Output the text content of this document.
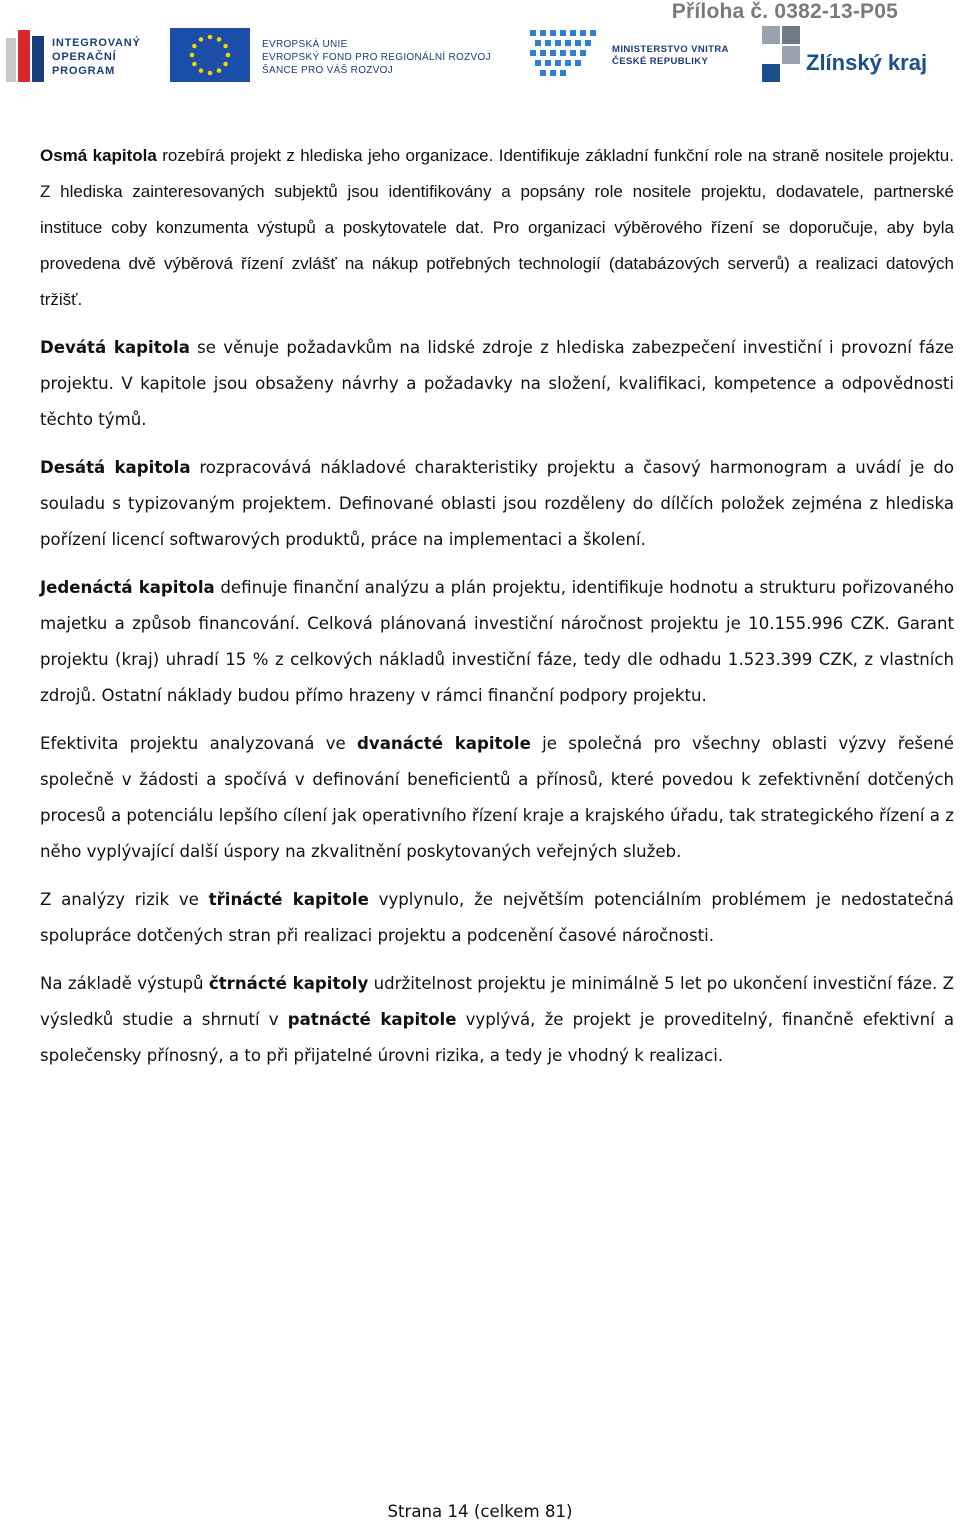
Příloha č. 0382-13-P05
INTEGROVANÝ
OPERAČNÍ
PROGRAM
EVROPSKÁ UNIE
EVROPSKÝ FOND PRO REGIONÁLNÍ ROZVOJ
ŠANCE PRO VÁŠ ROZVOJ
MINISTERSTVO VNITRA
ČESKÉ REPUBLIKY	Zlínský kraj

Osmá kapitola rozebírá projekt z hlediska jeho organizace. Identifikuje základní funkční role na straně nositele projektu. Z hlediska zainteresovaných subjektů jsou identifikovány a popsány role nositele projektu, dodavatele, partnerské instituce coby konzumenta výstupů a poskytovatele dat. Pro organizaci výběrového řízení se doporučuje, aby byla provedena dvě výběrová řízení zvlášť na nákup potřebných technologií (databázových serverů) a realizaci datových tržišť.

Devátá kapitola se věnuje požadavkům na lidské zdroje z hlediska zabezpečení investiční i provozní fáze projektu. V kapitole jsou obsaženy návrhy a požadavky na složení, kvalifikaci, kompetence a odpovědnosti těchto týmů.

Desátá kapitola rozpracovává nákladové charakteristiky projektu a časový harmonogram a uvádí je do souladu s typizovaným projektem. Definované oblasti jsou rozděleny do dílčích položek zejména z hlediska pořízení licencí softwarových produktů, práce na implementaci a školení.

Jedenáctá kapitola definuje finanční analýzu a plán projektu, identifikuje hodnotu a strukturu pořizovaného majetku a způsob financování. Celková plánovaná investiční náročnost projektu je 10.155.996 CZK. Garant projektu (kraj) uhradí 15 % z celkových nákladů investiční fáze, tedy dle odhadu 1.523.399 CZK, z vlastních zdrojů. Ostatní náklady budou přímo hrazeny v rámci finanční podpory projektu.

Efektivita projektu analyzovaná ve dvanácté kapitole je společná pro všechny oblasti výzvy řešené společně v žádosti a spočívá v definování beneficientů a přínosů, které povedou k zefektivnění dotčených procesů a potenciálu lepšího cílení jak operativního řízení kraje a krajského úřadu, tak strategického řízení a z něho vyplývající další úspory na zkvalitnění poskytovaných veřejných služeb.

Z analýzy rizik ve třinácté kapitole vyplynulo, že největším potenciálním problémem je nedostatečná spolupráce dotčených stran při realizaci projektu a podcenění časové náročnosti.

Na základě výstupů čtrnácté kapitoly udržitelnost projektu je minimálně 5 let po ukončení investiční fáze. Z výsledků studie a shrnutí v patnácté kapitole vyplývá, že projekt je proveditelný, finančně efektivní a společensky přínosný, a to při přijatelné úrovni rizika, a tedy je vhodný k realizaci.

Strana 14 (celkem 81)
